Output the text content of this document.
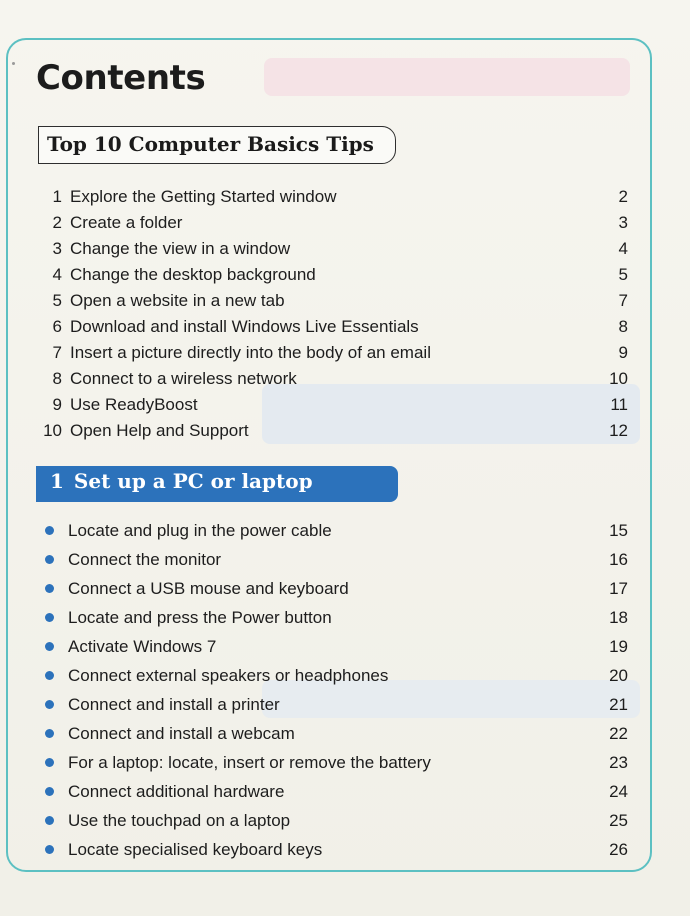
Contents
Top 10 Computer Basics Tips
1 Explore the Getting Started window	2
2 Create a folder	3
3 Change the view in a window	4
4 Change the desktop background	5
5 Open a website in a new tab	7
6 Download and install Windows Live Essentials	8
7 Insert a picture directly into the body of an email	9
8 Connect to a wireless network	10
9 Use ReadyBoost	11
10 Open Help and Support	12
1 Set up a PC or laptop
Locate and plug in the power cable	15
Connect the monitor	16
Connect a USB mouse and keyboard	17
Locate and press the Power button	18
Activate Windows 7	19
Connect external speakers or headphones	20
Connect and install a printer	21
Connect and install a webcam	22
For a laptop: locate, insert or remove the battery	23
Connect additional hardware	24
Use the touchpad on a laptop	25
Locate specialised keyboard keys	26
